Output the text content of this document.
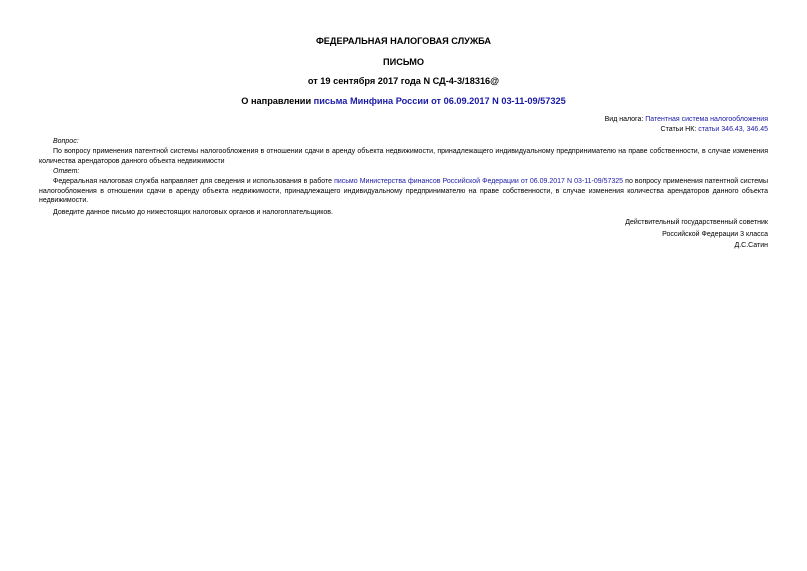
ФЕДЕРАЛЬНАЯ НАЛОГОВАЯ СЛУЖБА
ПИСЬМО
от 19 сентября 2017 года N СД-4-3/18316@
О направлении письма Минфина России от 06.09.2017 N 03-11-09/57325
Вид налога: Патентная система налогообложения
Статьи НК: статьи 346.43, 346.45
Вопрос:
По вопросу применения патентной системы налогообложения в отношении сдачи в аренду объекта недвижимости, принадлежащего индивидуальному предпринимателю на праве собственности, в случае изменения количества арендаторов данного объекта недвижимости
Ответ:
Федеральная налоговая служба направляет для сведения и использования в работе письмо Министерства финансов Российской Федерации от 06.09.2017 N 03-11-09/57325 по вопросу применения патентной системы налогообложения в отношении сдачи в аренду объекта недвижимости, принадлежащего индивидуальному предпринимателю на праве собственности, в случае изменения количества арендаторов данного объекта недвижимости.
Доведите данное письмо до нижестоящих налоговых органов и налогоплательщиков.
Действительный государственный советник
Российской Федерации 3 класса
Д.С.Сатин
